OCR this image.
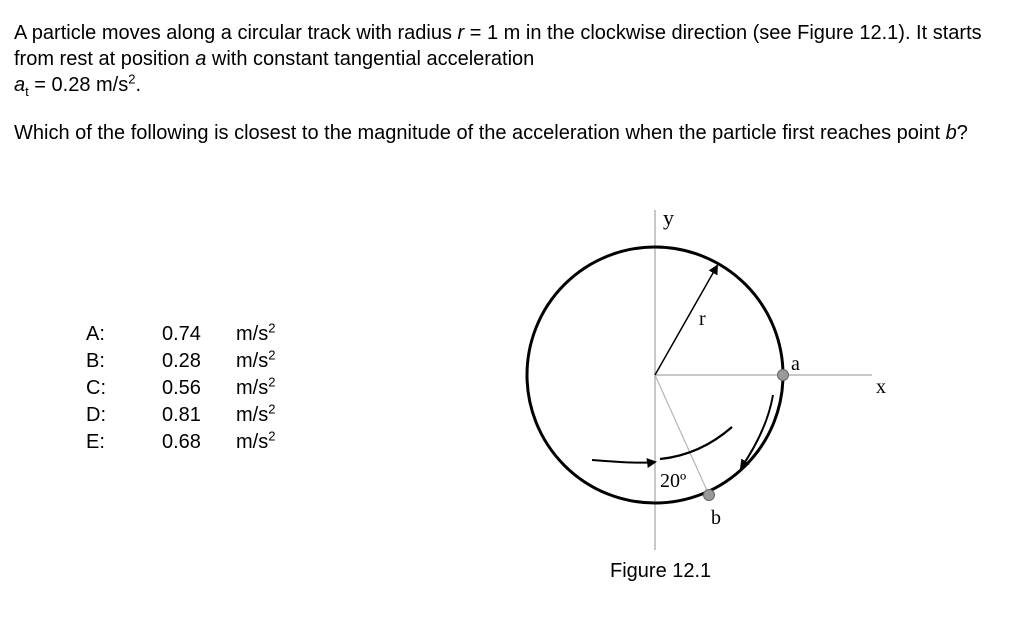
A particle moves along a circular track with radius r = 1 m in the clockwise direction (see Figure 12.1). It starts from rest at position a with constant tangential acceleration
$a_t = 0.28$ $m/s^2$.

Which of the following is closest to the magnitude of the acceleration when the particle first reaches point b?

A:	0.74 $m/s^2$
B:	0.28 $m/s^2$
C:	0.56 $m/s^2$
D:	0.81 $m/s^2$
E:	0.68 $m/s^2$
y
x
r
a
b
20º
Figure 12.1
